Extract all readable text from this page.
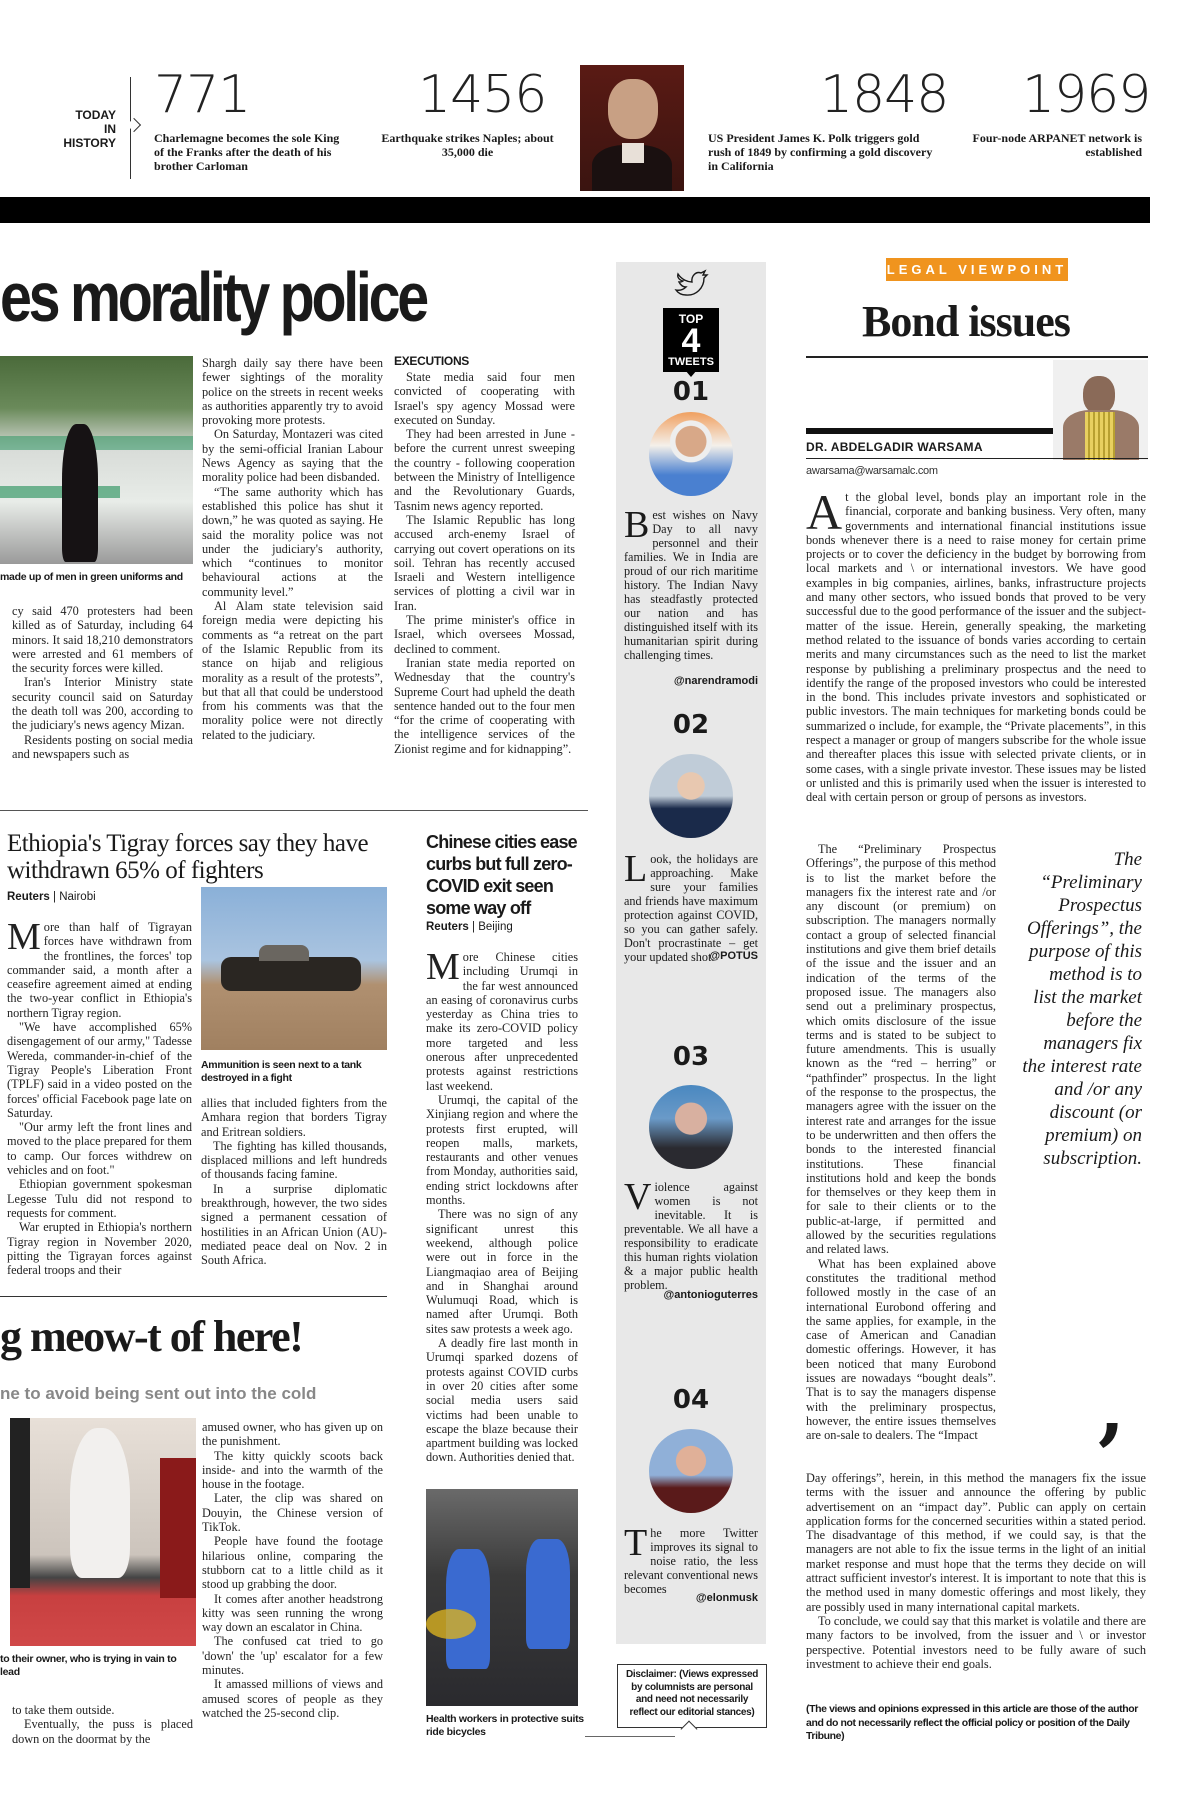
TODAY
IN
HISTORY
771
Charlemagne becomes the sole King of the Franks after the death of his brother Carloman
1456
Earthquake strikes Naples; about 35,000 die
1848
US President James K. Polk triggers gold rush of 1849 by confirming a gold discovery in California
1969
Four-node ARPANET network is established
es morality police
made up of men in green uniforms and

cy said 470 protesters had been killed as of Saturday, including 64 minors. It said 18,210 demonstrators were arrested and 61 members of the security forces were killed.

Iran's Interior Ministry state security council said on Saturday the death toll was 200, according to the judiciary's news agency Mizan.

Residents posting on social media and newspapers such as

Shargh daily say there have been fewer sightings of the morality police on the streets in recent weeks as authorities apparently try to avoid provoking more protests.

On Saturday, Montazeri was cited by the semi-official Iranian Labour News Agency as saying that the morality police had been disbanded.

“The same authority which has established this police has shut it down,” he was quoted as saying. He said the morality police was not under the judiciary's authority, which “continues to monitor behavioural actions at the community level.”

Al Alam state television said foreign media were depicting his comments as “a retreat on the part of the Islamic Republic from its stance on hijab and religious morality as a result of the protests”, but that all that could be understood from his comments was that the morality police were not directly related to the judiciary.

EXECUTIONS

State media said four men convicted of cooperating with Israel's spy agency Mossad were executed on Sunday.

They had been arrested in June - before the current unrest sweeping the country - following cooperation between the Ministry of Intelligence and the Revolutionary Guards, Tasnim news agency reported.

The Islamic Republic has long accused arch-enemy Israel of carrying out covert operations on its soil. Tehran has recently accused Israeli and Western intelligence services of plotting a civil war in Iran.

The prime minister's office in Israel, which oversees Mossad, declined to comment.

Iranian state media reported on Wednesday that the country's Supreme Court had upheld the death sentence handed out to the four men “for the crime of cooperating with the intelligence services of the Zionist regime and for kidnapping”.

Ethiopia's Tigray forces say they have withdrawn 65% of fighters
Reuters | Nairobi

More than half of Tigrayan forces have withdrawn from the frontlines, the forces' top commander said, a month after a ceasefire agreement aimed at ending the two-year conflict in Ethiopia's northern Tigray region.

"We have accomplished 65% disengagement of our army," Tadesse Wereda, commander-in-chief of the Tigray People's Liberation Front (TPLF) said in a video posted on the forces' official Facebook page late on Saturday.

"Our army left the front lines and moved to the place prepared for them to camp. Our forces withdrew on vehicles and on foot."

Ethiopian government spokesman Legesse Tulu did not respond to requests for comment.

War erupted in Ethiopia's northern Tigray region in November 2020, pitting the Tigrayan forces against federal troops and their

Ammunition is seen next to a tank destroyed in a fight

allies that included fighters from the Amhara region that borders Tigray and Eritrean soldiers.

The fighting has killed thousands, displaced millions and left hundreds of thousands facing famine.

In a surprise diplomatic breakthrough, however, the two sides signed a permanent cessation of hostilities in an African Union (AU)-mediated peace deal on Nov. 2 in South Africa.

Chinese cities ease curbs but full zero-COVID exit seen some way off
Reuters | Beijing

More Chinese cities including Urumqi in the far west announced an easing of coronavirus curbs yesterday as China tries to make its zero-COVID policy more targeted and less onerous after unprecedented protests against restrictions last weekend.

Urumqi, the capital of the Xinjiang region and where the protests first erupted, will reopen malls, markets, restaurants and other venues from Monday, authorities said, ending strict lockdowns after months.

There was no sign of any significant unrest this weekend, although police were out in force in the Liangmaqiao area of Beijing and in Shanghai around Wulumuqi Road, which is named after Urumqi. Both sites saw protests a week ago.

A deadly fire last month in Urumqi sparked dozens of protests against COVID curbs in over 20 cities after some social media users said victims had been unable to escape the blaze because their apartment building was locked down. Authorities denied that.

Health workers in protective suits ride bicycles
g meow-t of here!
ne to avoid being sent out into the cold
to their owner, who is trying in vain to lead

to take them outside.

Eventually, the puss is placed down on the doormat by the

amused owner, who has given up on the punishment.

The kitty quickly scoots back inside- and into the warmth of the house in the footage.

Later, the clip was shared on Douyin, the Chinese version of TikTok.

People have found the footage hilarious online, comparing the stubborn cat to a little child as it stood up grabbing the door.

It comes after another headstrong kitty was seen running the wrong way down an escalator in China.

The confused cat tried to go 'down' the 'up' escalator for a few minutes.

It amassed millions of views and amused scores of people as they watched the 25-second clip.

TOP
4
TWEETS
01
Best wishes on Navy Day to all navy personnel and their families. We in India are proud of our rich maritime history. The Indian Navy has steadfastly protected our nation and has distinguished itself with its humanitarian spirit during challenging times.
@narendramodi
02
Look, the holidays are approaching. Make sure your families and friends have maximum protection against COVID, so you can gather safely. Don't procrastinate – get your updated shot.
@POTUS
03
Violence against women is not inevitable. It is preventable. We all have a responsibility to eradicate this human rights violation & a major public health problem.
@antonioguterres
04
The more Twitter improves its signal to noise ratio, the less relevant conventional news becomes
@elonmusk
Disclaimer: (Views expressed by columnists are personal and need not necessarily reflect our editorial stances)
LEGAL VIEWPOINT
Bond issues
DR. ABDELGADIR WARSAMA
awarsama@warsamalc.com

At the global level, bonds play an important role in the financial, corporate and banking business. Very often, many governments and international financial institutions issue bonds whenever there is a need to raise money for certain prime projects or to cover the deficiency in the budget by borrowing from local markets and \ or international investors. We have good examples in big companies, airlines, banks, infrastructure projects and many other sectors, who issued bonds that proved to be very successful due to the good performance of the issuer and the subject-matter of the issue. Herein, generally speaking, the marketing method related to the issuance of bonds varies according to certain merits and many circumstances such as the need to list the market response by publishing a preliminary prospectus and the need to identify the range of the proposed investors who could be interested in the bond. This includes private investors and sophisticated or public investors. The main techniques for marketing bonds could be summarized o include, for example, the “Private placements”, in this respect a manager or group of mangers subscribe for the whole issue and thereafter places this issue with selected private clients, or in some cases, with a single private investor. These issues may be listed or unlisted and this is primarily used when the issuer is interested to deal with certain person or group of persons as investors.

The “Preliminary Prospectus Offerings”, the purpose of this method is to list the market before the managers fix the interest rate and /or any discount (or premium) on subscription. The managers normally contact a group of selected financial institutions and give them brief details of the issue and the issuer and an indication of the terms of the proposed issue. The managers also send out a preliminary prospectus, which omits disclosure of the issue terms and is stated to be subject to future amendments. This is usually known as the “red – herring” or “pathfinder” prospectus. In the light of the response to the prospectus, the managers agree with the issuer on the interest rate and arranges for the issue to be underwritten and then offers the bonds to the interested financial institutions. These financial institutions hold and keep the bonds for themselves or they keep them in for sale to their clients or to the public-at-large, if permitted and allowed by the securities regulations and related laws.

What has been explained above constitutes the traditional method followed mostly in the case of an international Eurobond offering and the same applies, for example, in the case of American and Canadian domestic offerings. However, it has been noticed that many Eurobond issues are nowadays “bought deals”. That is to say the managers dispense with the preliminary prospectus, however, the entire issues themselves are on-sale to dealers. The “Impact

The “Preliminary Prospectus Offerings”, the purpose of this method is to list the market before the managers fix the interest rate and /or any discount (or premium) on subscription.
,

Day offerings”, herein, in this method the managers fix the issue terms with the issuer and announce the offering by public advertisement on an “impact day”. Public can apply on certain application forms for the concerned securities within a stated period. The disadvantage of this method, if we could say, is that the managers are not able to fix the issue terms in the light of an initial market response and must hope that the terms they decide on will attract sufficient investor's interest. It is important to note that this is the method used in many domestic offerings and most likely, they are possibly used in many international capital markets.

To conclude, we could say that this market is volatile and there are many factors to be involved, from the issuer and \ or investor perspective. Potential investors need to be fully aware of such investment to achieve their end goals.

(The views and opinions expressed in this article are those of the author and do not necessarily reflect the official policy or position of the Daily Tribune)
